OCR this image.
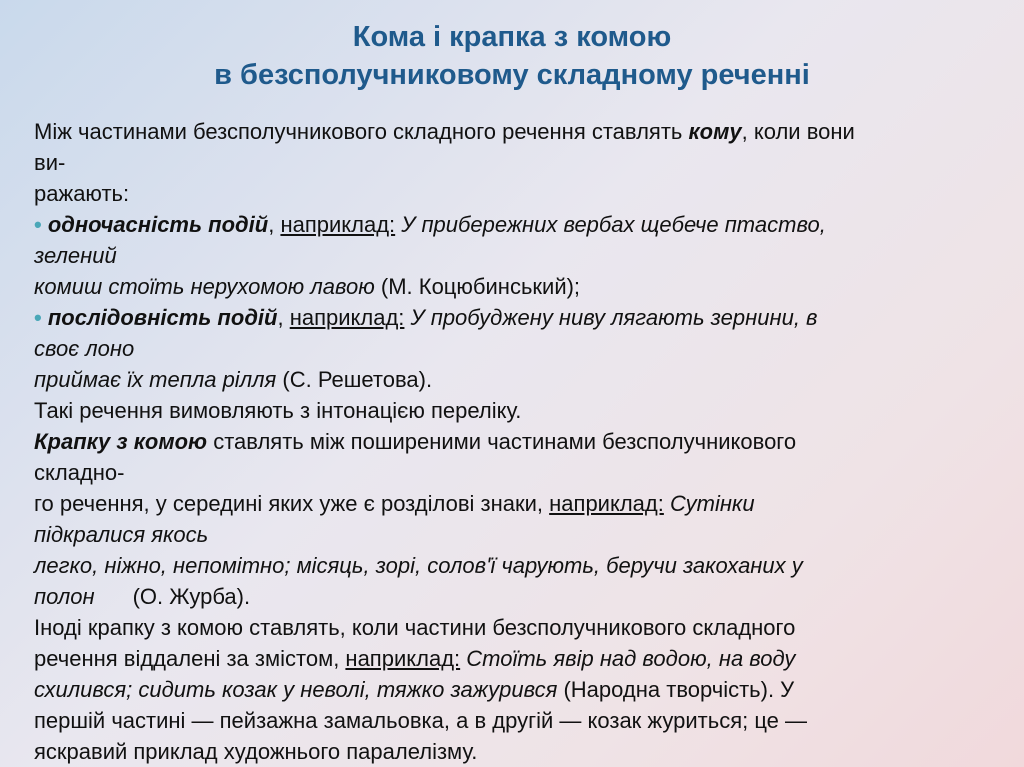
Кома і крапка з комою
в безсполучниковому складному реченні
Між частинами безсполучникового складного речення ставлять кому, коли вони
ви-
ражають:
• одночасність подій, наприклад: У прибережних вербах щебече птаство,
зелений
комиш стоїть нерухомою лавою (М. Коцюбинський);
• послідовність подій, наприклад: У пробуджену ниву лягають зернини, в
своє лоно
приймає їх тепла рілля (С. Решетова).
Такі речення вимовляють з інтонацією переліку.
Крапку з комою ставлять між поширеними частинами безсполучникового
складно-
го речення, у середині яких уже є розділові знаки, наприклад: Сутінки
підкралися якось
легко, ніжно, непомітно; місяць, зорі, солов'ї чарують, беручи закоханих у
полон (О. Журба).
Іноді крапку з комою ставлять, коли частини безсполучникового складного
речення віддалені за змістом, наприклад: Стоїть явір над водою, на воду
схилився; сидить козак у неволі, тяжко зажурився (Народна творчість). У
першій частині — пейзажна замальовка, а в другій — козак журиться; це —
яскравий приклад художнього паралелізму.
